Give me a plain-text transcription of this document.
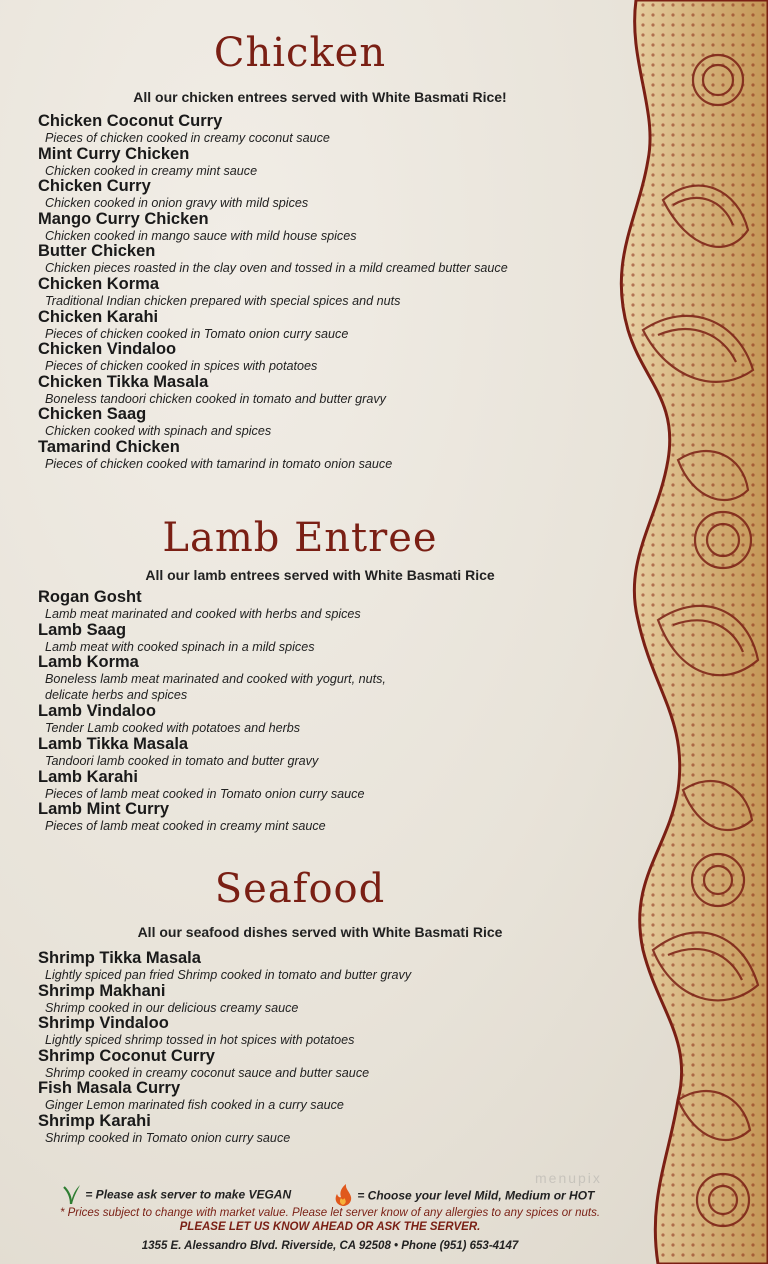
Chicken
All our chicken entrees served with White Basmati Rice!
Chicken Coconut Curry
Pieces of chicken cooked in creamy coconut sauce
Mint Curry Chicken
Chicken cooked in creamy mint sauce
Chicken Curry
Chicken cooked in onion gravy with mild spices
Mango Curry Chicken
Chicken cooked in mango sauce with mild house spices
Butter Chicken
Chicken pieces roasted in the clay oven and tossed in a mild creamed butter sauce
Chicken Korma
Traditional Indian chicken prepared with special spices and nuts
Chicken Karahi
Pieces of chicken cooked in Tomato onion curry sauce
Chicken Vindaloo
Pieces of chicken cooked in spices with potatoes
Chicken Tikka Masala
Boneless tandoori chicken cooked in tomato and butter gravy
Chicken Saag
Chicken cooked with spinach and spices
Tamarind Chicken
Pieces of chicken cooked with tamarind in tomato onion sauce
Lamb Entree
All our lamb entrees served with White Basmati Rice
Rogan Gosht
Lamb meat marinated and cooked with herbs and spices
Lamb Saag
Lamb meat with cooked spinach in a mild spices
Lamb Korma
Boneless lamb meat marinated and cooked with yogurt, nuts,
delicate herbs and spices
Lamb Vindaloo
Tender Lamb cooked with potatoes and herbs
Lamb Tikka Masala
Tandoori lamb cooked in tomato and butter gravy
Lamb Karahi
Pieces of lamb meat cooked in Tomato onion curry sauce
Lamb Mint Curry
Pieces of lamb meat cooked in creamy mint sauce
Seafood
All our seafood dishes served with White Basmati Rice
Shrimp Tikka Masala
Lightly spiced pan fried Shrimp cooked in tomato and butter gravy
Shrimp Makhani
Shrimp cooked in our delicious creamy sauce
Shrimp Vindaloo
Lightly spiced shrimp tossed in hot spices with potatoes
Shrimp Coconut Curry
Shrimp cooked in creamy coconut sauce and butter sauce
Fish Masala Curry
Ginger Lemon marinated fish cooked in a curry sauce
Shrimp Karahi
Shrimp cooked in Tomato onion curry sauce
= Please ask server to make VEGAN	= Choose your level Mild, Medium or HOT
* Prices subject to change with market value. Please let server know of any allergies to any spices or nuts.
PLEASE LET US KNOW AHEAD OR ASK THE SERVER.
1355 E. Alessandro Blvd. Riverside, CA 92508 • Phone (951) 653-4147
menupix
